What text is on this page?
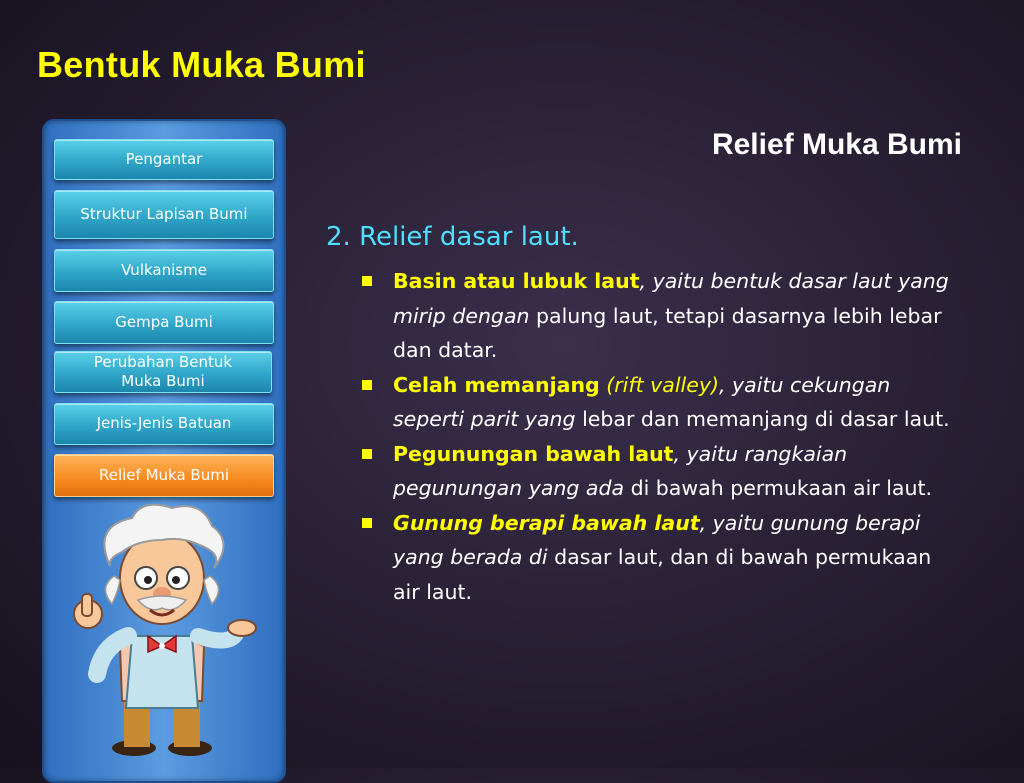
Bentuk Muka Bumi
Pengantar
Struktur Lapisan Bumi
Vulkanisme
Gempa Bumi
Perubahan Bentuk Muka Bumi
Jenis-Jenis Batuan
Relief Muka Bumi
Relief Muka Bumi
2. Relief dasar laut.
Basin atau lubuk laut, yaitu bentuk dasar laut yang mirip dengan palung laut, tetapi dasarnya lebih lebar dan datar.
Celah memanjang (rift valley), yaitu cekungan seperti parit yang lebar dan memanjang di dasar laut.
Pegunungan bawah laut, yaitu rangkaian pegunungan yang ada di bawah permukaan air laut.
Gunung berapi bawah laut, yaitu gunung berapi yang berada di dasar laut, dan di bawah permukaan air laut.
